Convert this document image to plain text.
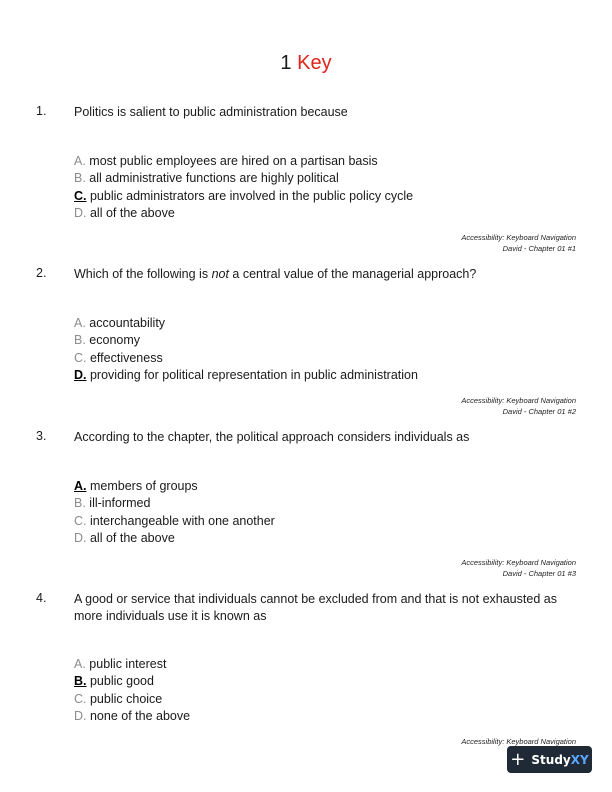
1 Key
1. Politics is salient to public administration because
A. most public employees are hired on a partisan basis
B. all administrative functions are highly political
C. public administrators are involved in the public policy cycle
D. all of the above
Accessibility: Keyboard Navigation
David - Chapter 01 #1
2. Which of the following is not a central value of the managerial approach?
A. accountability
B. economy
C. effectiveness
D. providing for political representation in public administration
Accessibility: Keyboard Navigation
David - Chapter 01 #2
3. According to the chapter, the political approach considers individuals as
A. members of groups
B. ill-informed
C. interchangeable with one another
D. all of the above
Accessibility: Keyboard Navigation
David - Chapter 01 #3
4. A good or service that individuals cannot be excluded from and that is not exhausted as more individuals use it is known as
A. public interest
B. public good
C. public choice
D. none of the above
Accessibility: Keyboard Navigation
+ Study XY
